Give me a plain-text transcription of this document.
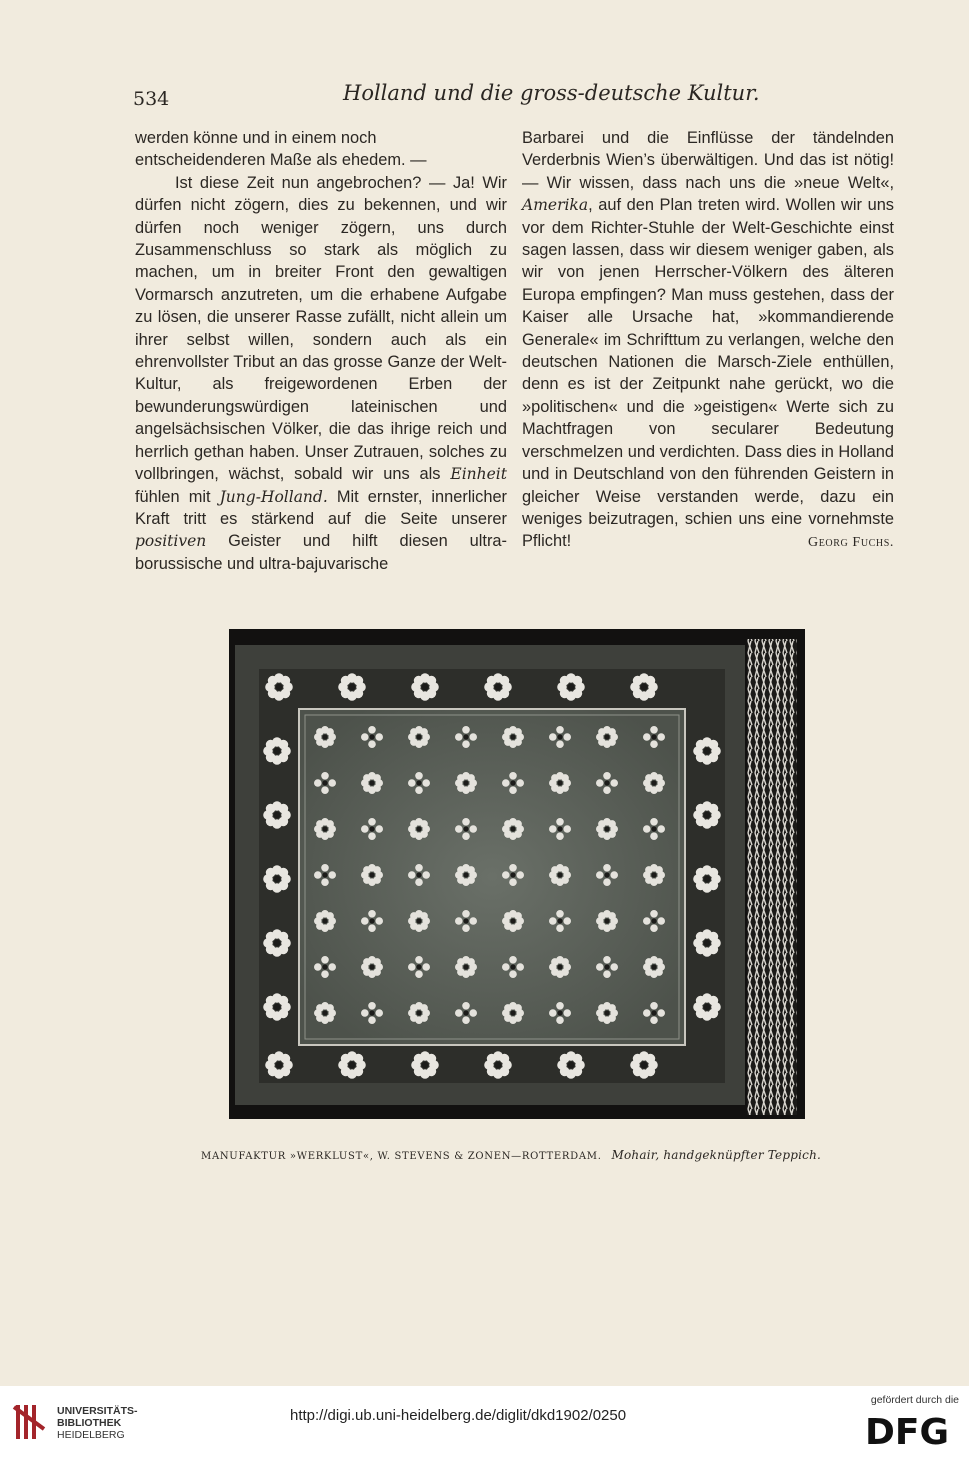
534	Holland und die gross-deutsche Kultur.

werden könne und in einem noch entscheidenderen Maße als ehedem. —

Ist diese Zeit nun angebrochen? — Ja! Wir dürfen nicht zögern, dies zu bekennen, und wir dürfen noch weniger zögern, uns durch Zusammenschluss so stark als möglich zu machen, um in breiter Front den gewaltigen Vormarsch anzutreten, um die erhabene Aufgabe zu lösen, die unserer Rasse zufällt, nicht allein um ihrer selbst willen, sondern auch als ein ehrenvollster Tribut an das grosse Ganze der Welt-Kultur, als freigewordenen Erben der bewunderungswürdigen lateinischen und angelsächsischen Völker, die das ihrige reich und herrlich gethan haben. Unser Zutrauen, solches zu vollbringen, wächst, sobald wir uns als Einheit fühlen mit Jung-Holland. Mit ernster, innerlicher Kraft tritt es stärkend auf die Seite unserer positiven Geister und hilft diesen ultra-borussische und ultra-bajuvarische

Barbarei und die Einflüsse der tändelnden Verderbnis Wien’s überwältigen. Und das ist nötig! — Wir wissen, dass nach uns die »neue Welt«, Amerika, auf den Plan treten wird. Wollen wir uns vor dem Richter-Stuhle der Welt-Geschichte einst sagen lassen, dass wir diesem weniger gaben, als wir von jenen Herrscher-Völkern des älteren Europa empfingen? Man muss gestehen, dass der Kaiser alle Ursache hat, »kommandierende Generale« im Schrifttum zu verlangen, welche den deutschen Nationen die Marsch-Ziele enthüllen, denn es ist der Zeitpunkt nahe gerückt, wo die »politischen« und die »geistigen« Werte sich zu Machtfragen von secularer Bedeutung verschmelzen und verdichten. Dass dies in Holland und in Deutschland von den führenden Geistern in gleicher Weise verstanden werde, dazu ein weniges beizutragen, schien uns eine vornehmste Pflicht!	Georg Fuchs.

MANUFAKTUR »WERKLUST«, W. STEVENS & ZONEN—ROTTERDAM. Mohair, handgeknüpfter Teppich.
UNIVERSITÄTS-
BIBLIOTHEK
HEIDELBERG
http://digi.ub.uni-heidelberg.de/diglit/dkd1902/0250
gefördert durch die
DFG
